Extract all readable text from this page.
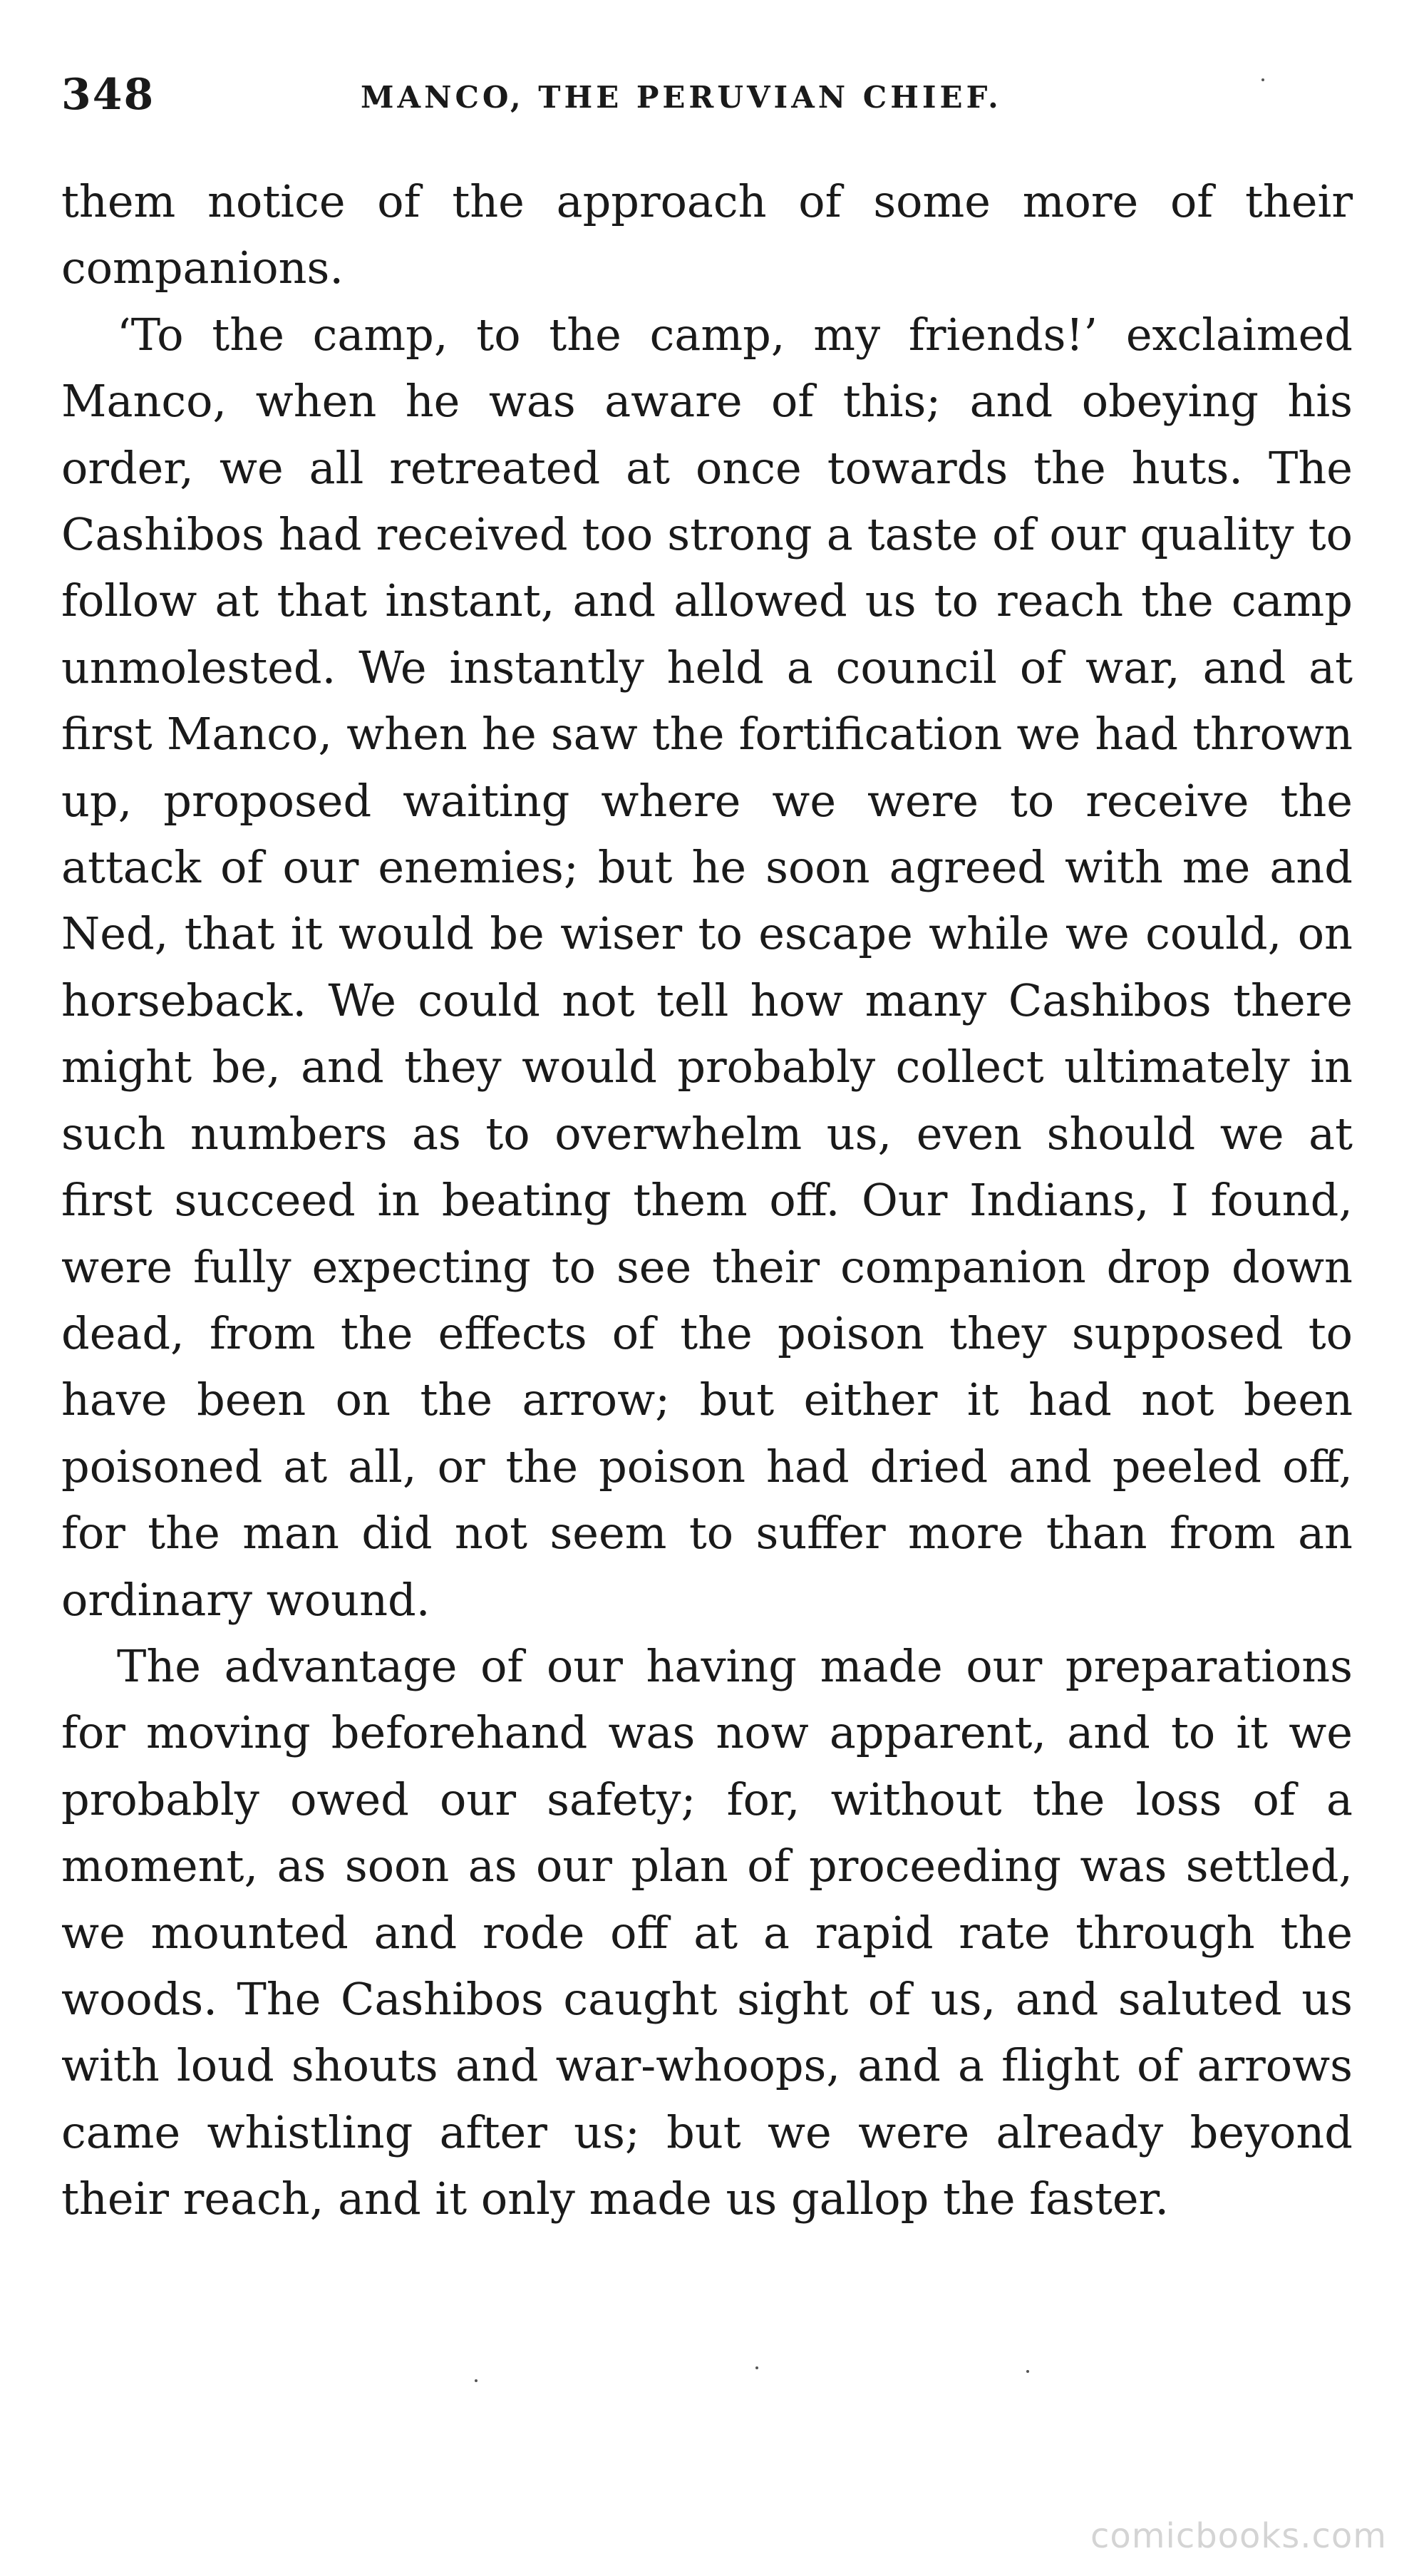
348	MANCO, THE PERUVIAN CHIEF.

them notice of the approach of some more of their companions.

‘To the camp, to the camp, my friends!’ exclaimed Manco, when he was aware of this; and obeying his order, we all retreated at once towards the huts. The Cashibos had received too strong a taste of our quality to follow at that instant, and allowed us to reach the camp unmolested. We instantly held a council of war, and at first Manco, when he saw the fortification we had thrown up, proposed waiting where we were to receive the attack of our enemies; but he soon agreed with me and Ned, that it would be wiser to escape while we could, on horseback. We could not tell how many Cashibos there might be, and they would probably collect ultimately in such numbers as to overwhelm us, even should we at first succeed in beating them off. Our Indians, I found, were fully expecting to see their companion drop down dead, from the effects of the poison they supposed to have been on the arrow; but either it had not been poisoned at all, or the poison had dried and peeled off, for the man did not seem to suffer more than from an ordinary wound.

The advantage of our having made our preparations for moving beforehand was now apparent, and to it we probably owed our safety; for, without the loss of a moment, as soon as our plan of proceeding was settled, we mounted and rode off at a rapid rate through the woods. The Cashibos caught sight of us, and saluted us with loud shouts and war-whoops, and a flight of arrows came whistling after us; but we were already beyond their reach, and it only made us gallop the faster.

comicbooks.com
